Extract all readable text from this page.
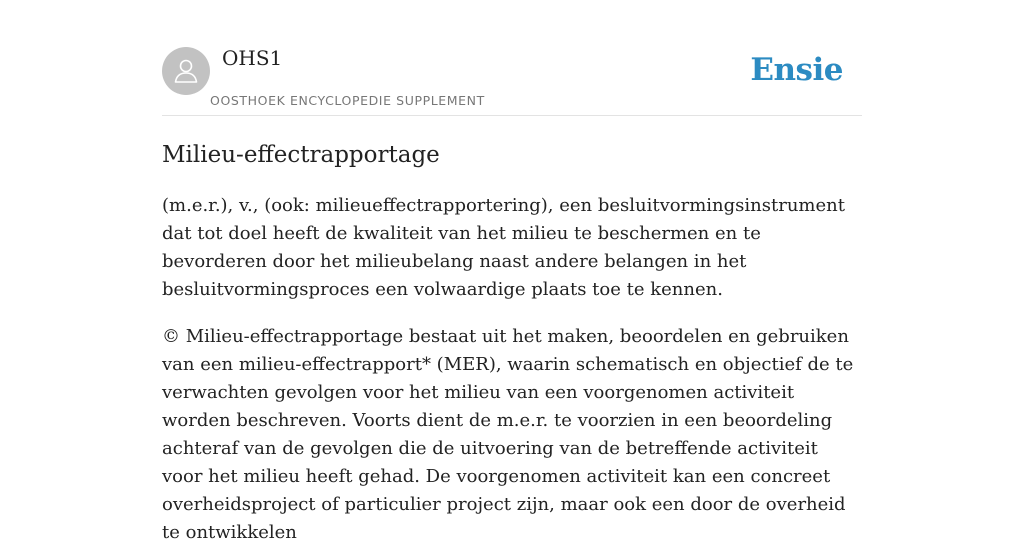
OHS1
OOSTHOEK ENCYCLOPEDIE SUPPLEMENT
Ensie
Milieu-effectrapportage

(m.e.r.), v., (ook: milieueffectrapportering), een besluitvormingsinstrument dat tot doel heeft de kwaliteit van het milieu te beschermen en te bevorderen door het milieubelang naast andere belangen in het besluitvormingsproces een volwaardige plaats toe te kennen.

© Milieu-effectrapportage bestaat uit het maken, beoordelen en gebruiken van een milieu-effectrapport* (MER), waarin schematisch en objectief de te verwachten gevolgen voor het milieu van een voorgenomen activiteit worden beschreven. Voorts dient de m.e.r. te voorzien in een beoordeling achteraf van de gevolgen die de uitvoering van de betreffende activiteit voor het milieu heeft gehad. De voorgenomen activiteit kan een concreet overheidsproject of particulier project zijn, maar ook een door de overheid te ontwikkelen
